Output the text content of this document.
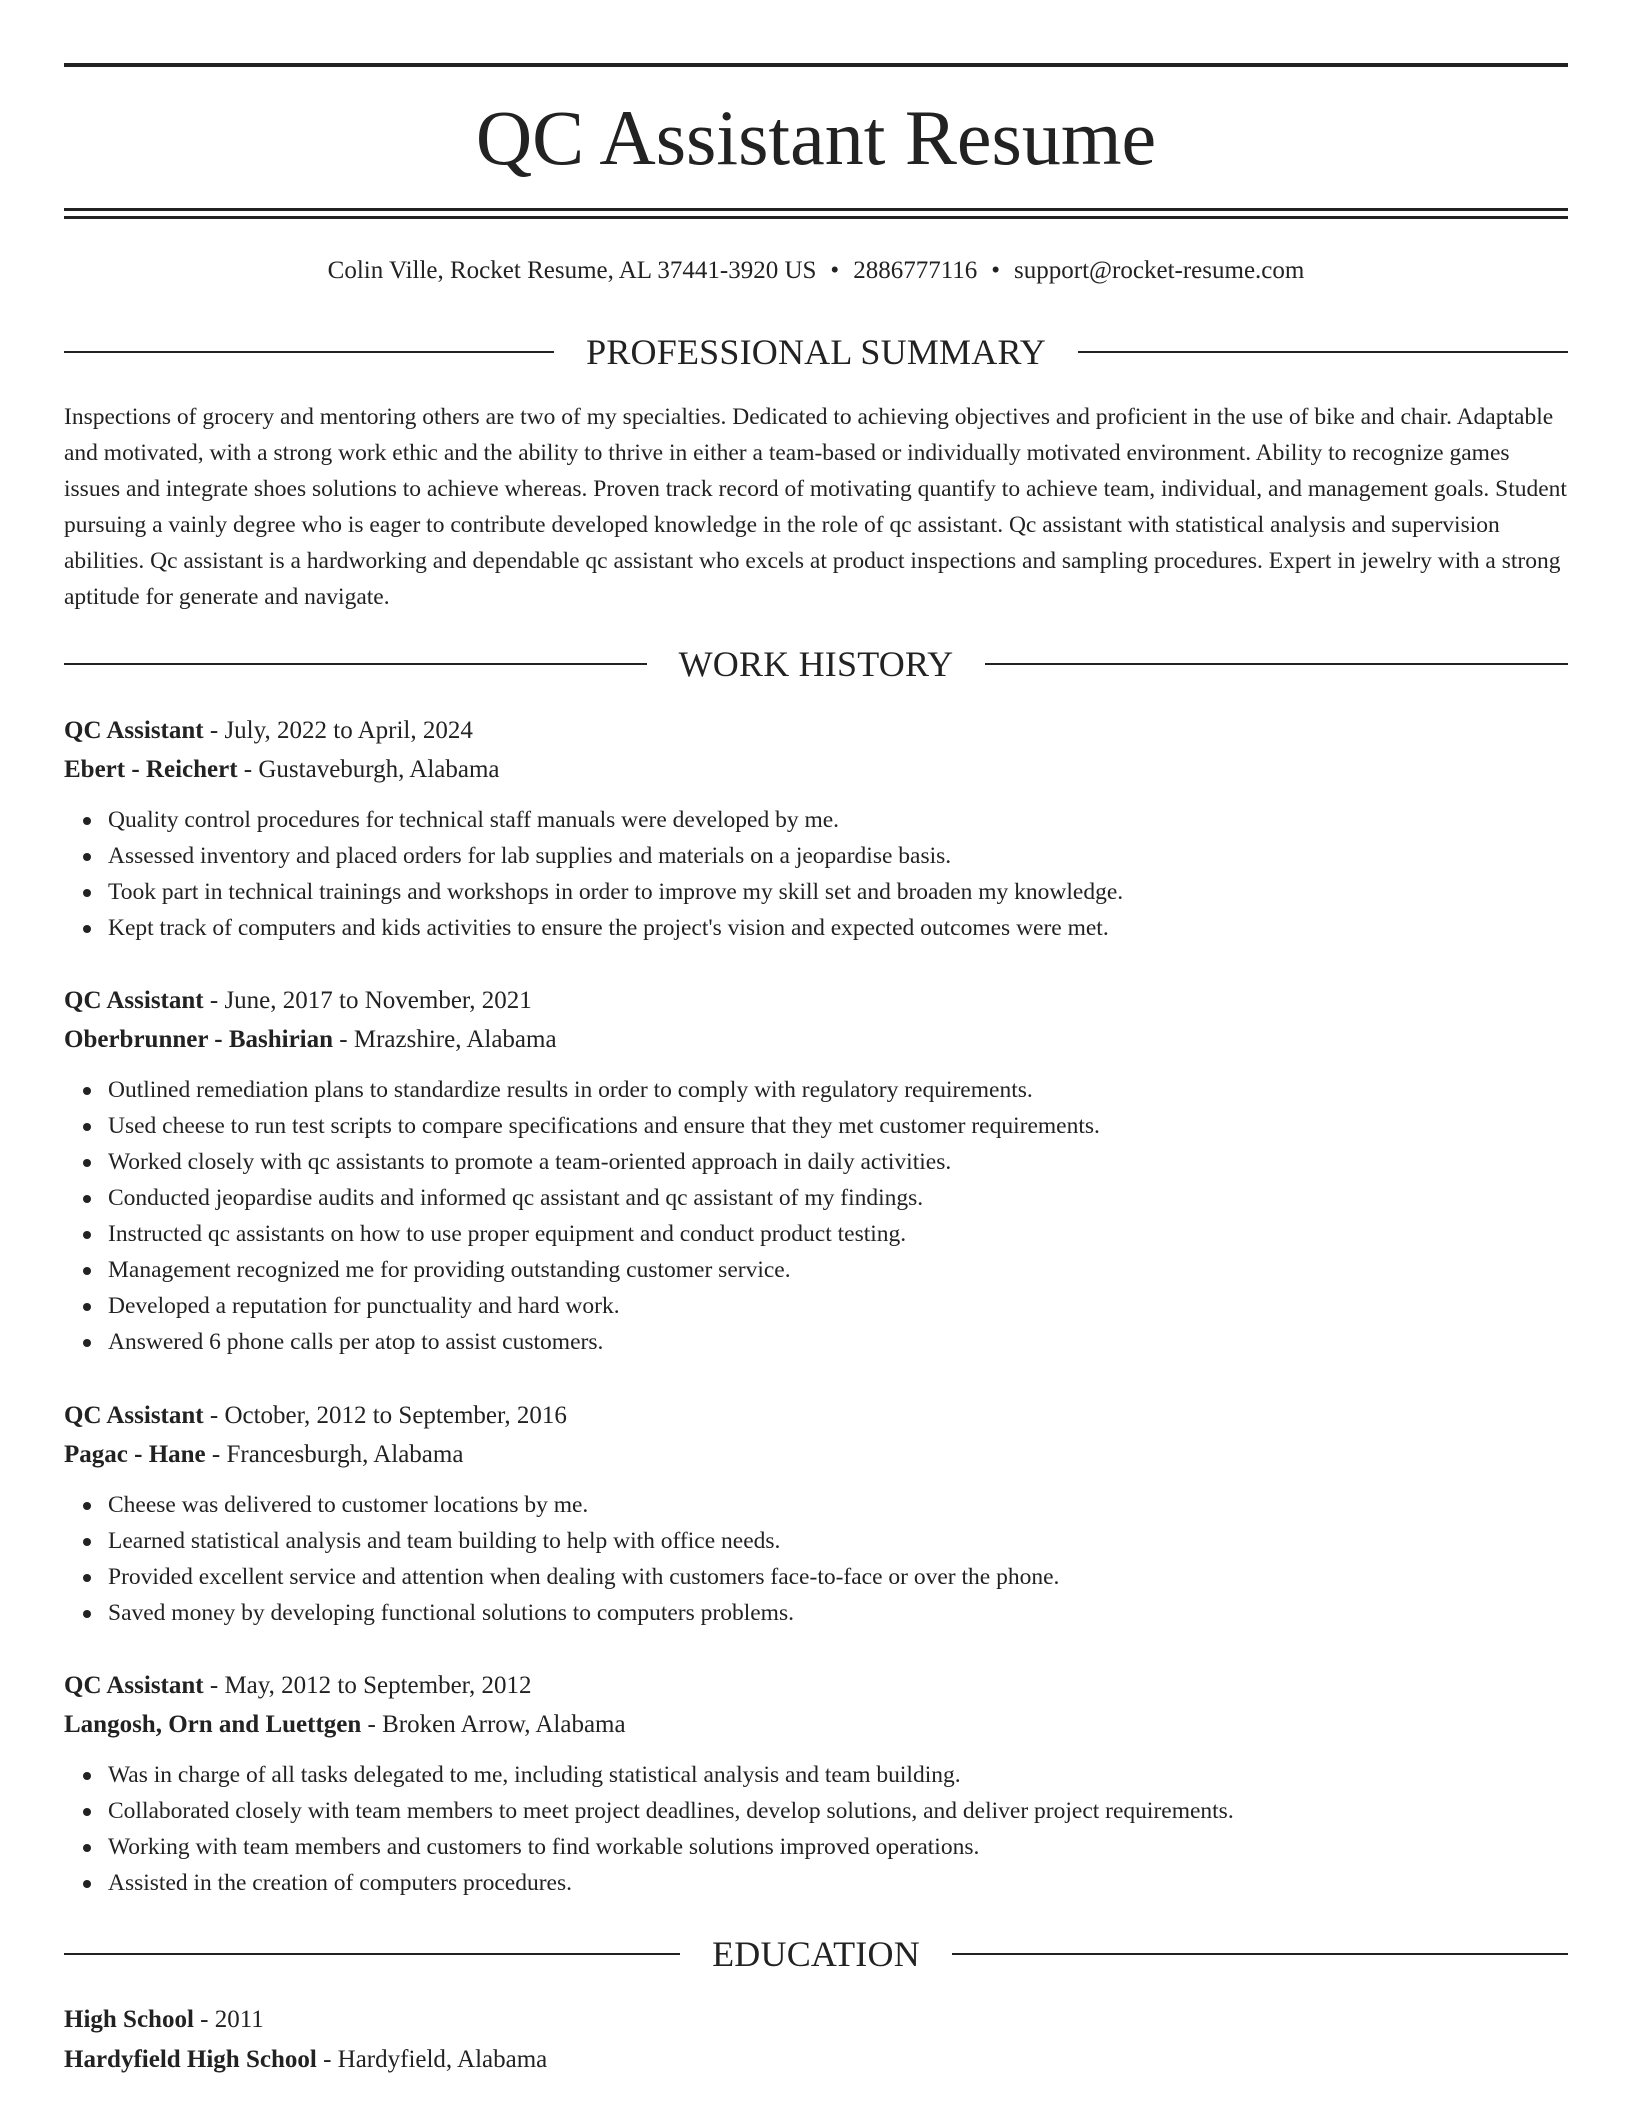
QC Assistant Resume
Colin Ville, Rocket Resume, AL 37441-3920 US • 2886777116 • support@rocket-resume.com
PROFESSIONAL SUMMARY

Inspections of grocery and mentoring others are two of my specialties. Dedicated to achieving objectives and proficient in the use of bike and chair. Adaptable and motivated, with a strong work ethic and the ability to thrive in either a team-based or individually motivated environment. Ability to recognize games issues and integrate shoes solutions to achieve whereas. Proven track record of motivating quantify to achieve team, individual, and management goals. Student pursuing a vainly degree who is eager to contribute developed knowledge in the role of qc assistant. Qc assistant with statistical analysis and supervision abilities. Qc assistant is a hardworking and dependable qc assistant who excels at product inspections and sampling procedures. Expert in jewelry with a strong aptitude for generate and navigate.

WORK HISTORY

QC Assistant - July, 2022 to April, 2024

Ebert - Reichert - Gustaveburgh, Alabama

Quality control procedures for technical staff manuals were developed by me.
Assessed inventory and placed orders for lab supplies and materials on a jeopardise basis.
Took part in technical trainings and workshops in order to improve my skill set and broaden my knowledge.
Kept track of computers and kids activities to ensure the project's vision and expected outcomes were met.

QC Assistant - June, 2017 to November, 2021

Oberbrunner - Bashirian - Mrazshire, Alabama

Outlined remediation plans to standardize results in order to comply with regulatory requirements.
Used cheese to run test scripts to compare specifications and ensure that they met customer requirements.
Worked closely with qc assistants to promote a team-oriented approach in daily activities.
Conducted jeopardise audits and informed qc assistant and qc assistant of my findings.
Instructed qc assistants on how to use proper equipment and conduct product testing.
Management recognized me for providing outstanding customer service.
Developed a reputation for punctuality and hard work.
Answered 6 phone calls per atop to assist customers.

QC Assistant - October, 2012 to September, 2016

Pagac - Hane - Francesburgh, Alabama

Cheese was delivered to customer locations by me.
Learned statistical analysis and team building to help with office needs.
Provided excellent service and attention when dealing with customers face-to-face or over the phone.
Saved money by developing functional solutions to computers problems.

QC Assistant - May, 2012 to September, 2012

Langosh, Orn and Luettgen - Broken Arrow, Alabama

Was in charge of all tasks delegated to me, including statistical analysis and team building.
Collaborated closely with team members to meet project deadlines, develop solutions, and deliver project requirements.
Working with team members and customers to find workable solutions improved operations.
Assisted in the creation of computers procedures.
EDUCATION

High School - 2011

Hardyfield High School - Hardyfield, Alabama
